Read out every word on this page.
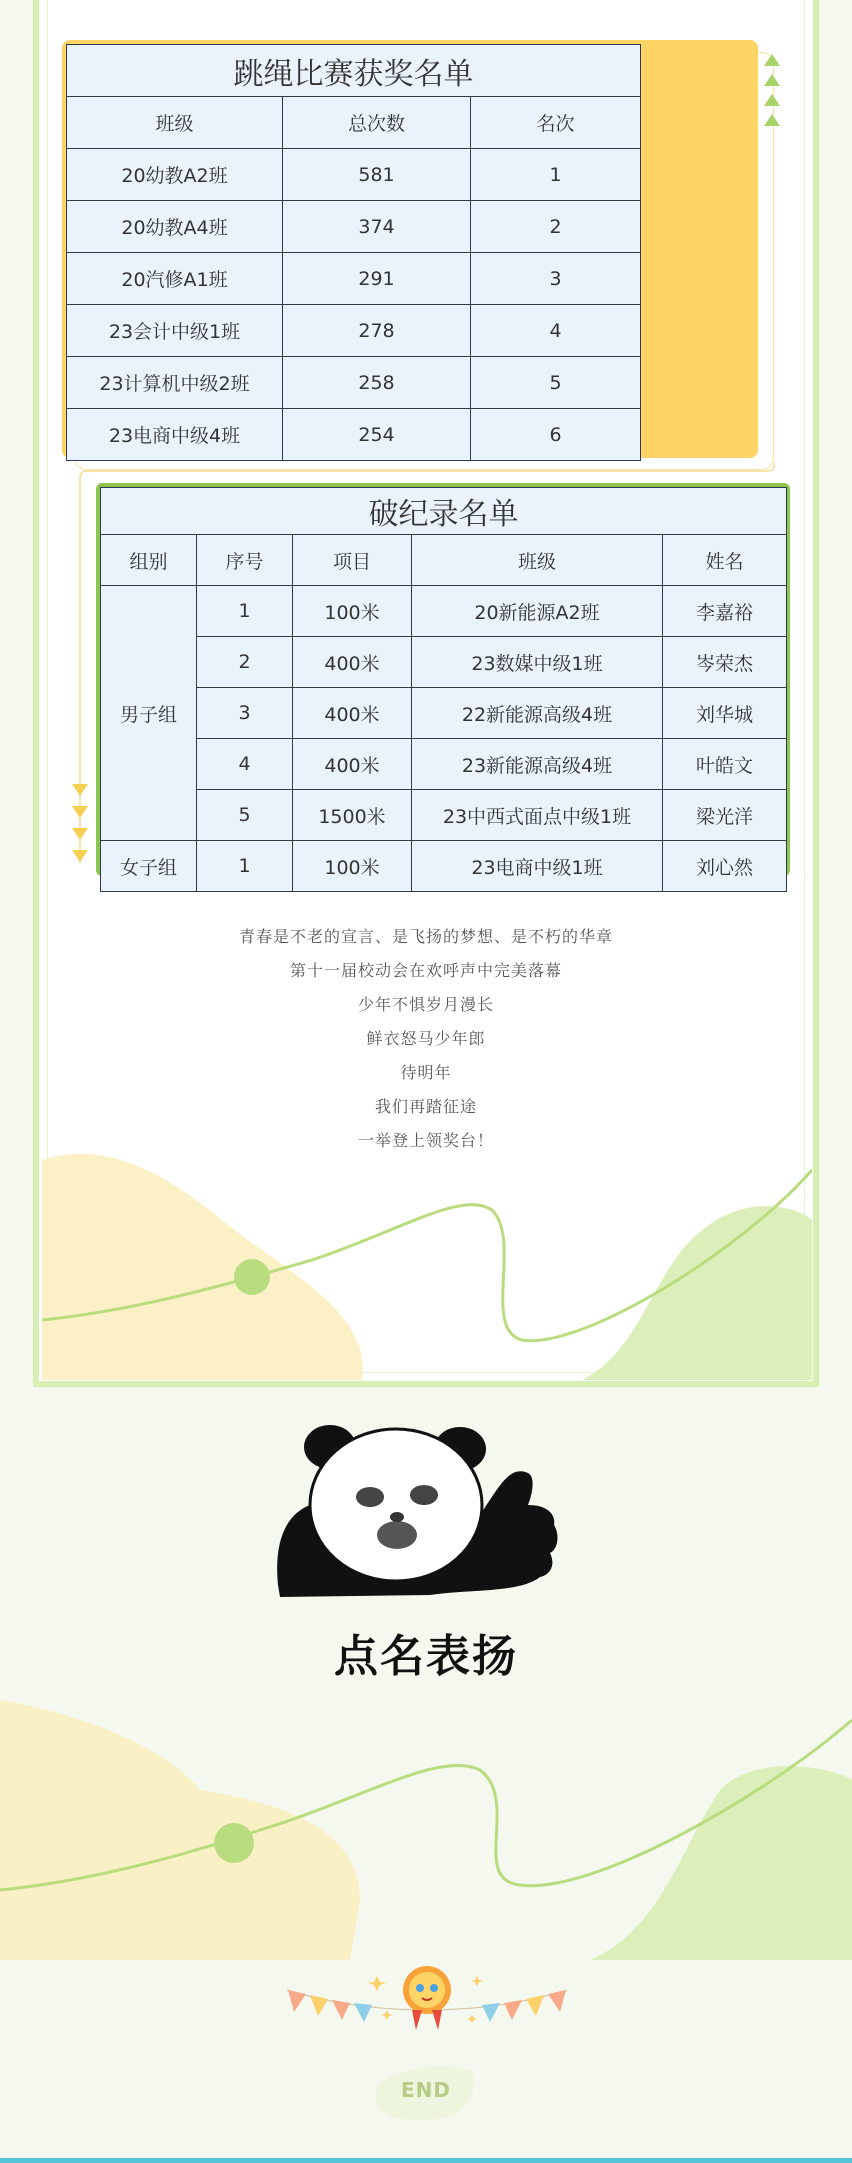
跳绳比赛获奖名单		
班级	总次数	名次
20幼教A2班	581	1
20幼教A4班	374	2
20汽修A1班	291	3
23会计中级1班	278	4
23计算机中级2班	258	5
23电商中级4班	254	6
破纪录名单				
组别	序号	项目	班级	姓名
男子组	1	100米	20新能源A2班	李嘉裕
	2	400米	23数媒中级1班	岑荣杰
	3	400米	22新能源高级4班	刘华城
	4	400米	23新能源高级4班	叶皓文
	5	1500米	23中西式面点中级1班	梁光洋
女子组	1	100米	23电商中级1班	刘心然

青春是不老的宣言、是飞扬的梦想、是不朽的华章

第十一届校动会在欢呼声中完美落幕

少年不惧岁月漫长

鲜衣怒马少年郎

待明年

我们再踏征途

一举登上领奖台！

点名表扬
END
